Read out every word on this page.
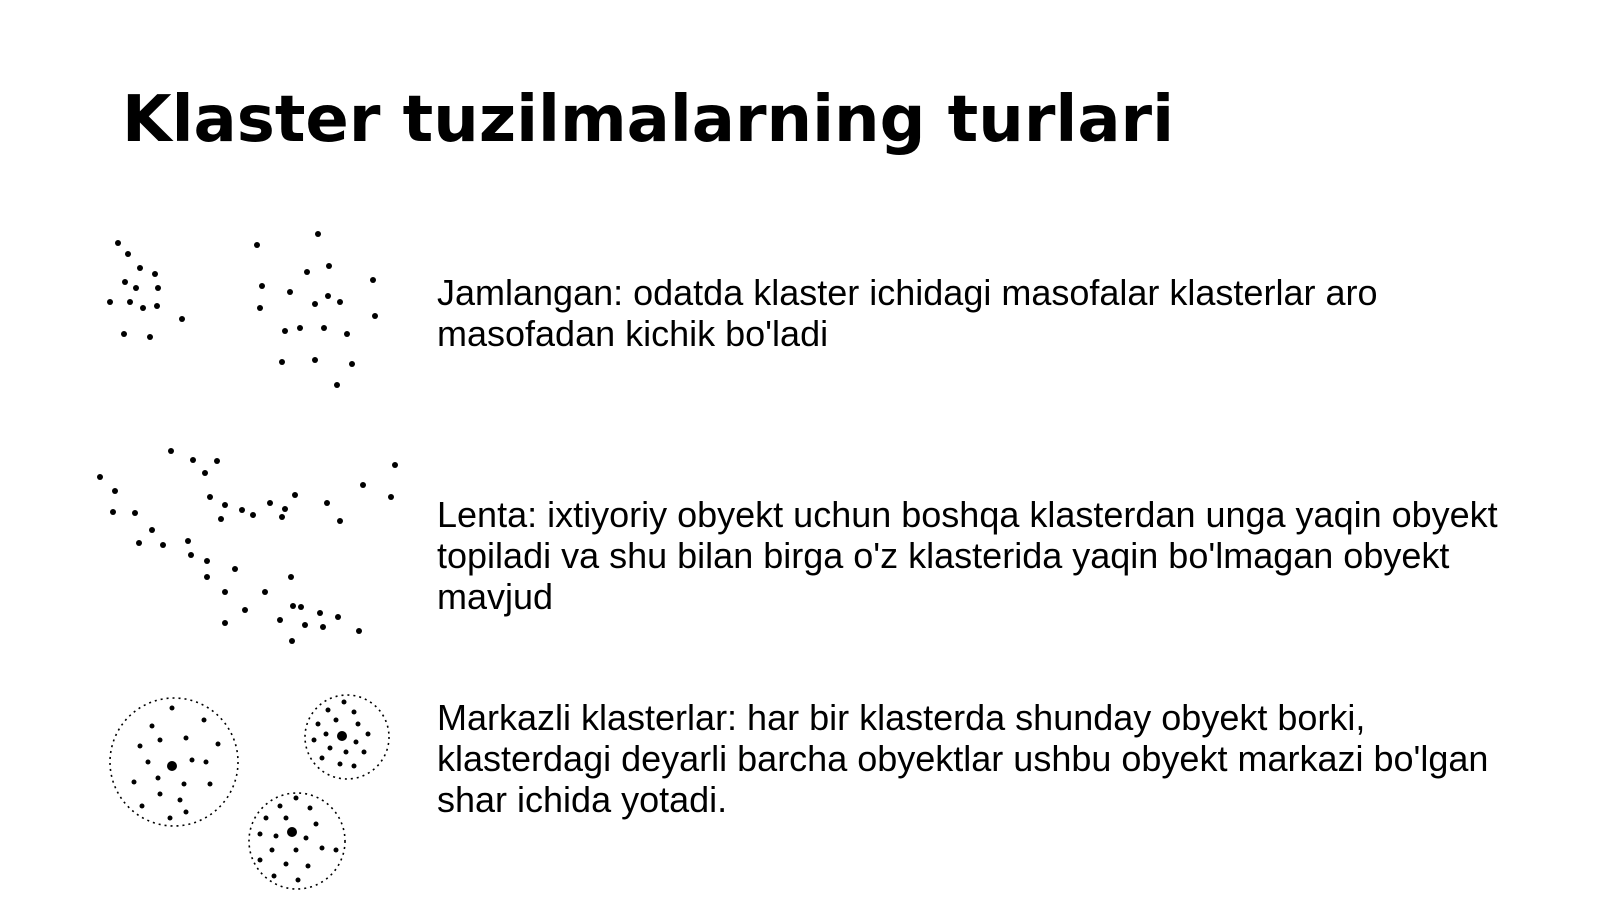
Klaster tuzilmalarning turlari

Jamlangan: odatda klaster ichidagi masofalar klasterlar aro masofadan kichik bo'ladi

Lenta: ixtiyoriy obyekt uchun boshqa klasterdan unga yaqin obyekt topiladi va shu bilan birga o'z klasterida yaqin bo'lmagan obyekt mavjud

Markazli klasterlar: har bir klasterda shunday obyekt borki, klasterdagi deyarli barcha obyektlar ushbu obyekt markazi bo'lgan shar ichida yotadi.
